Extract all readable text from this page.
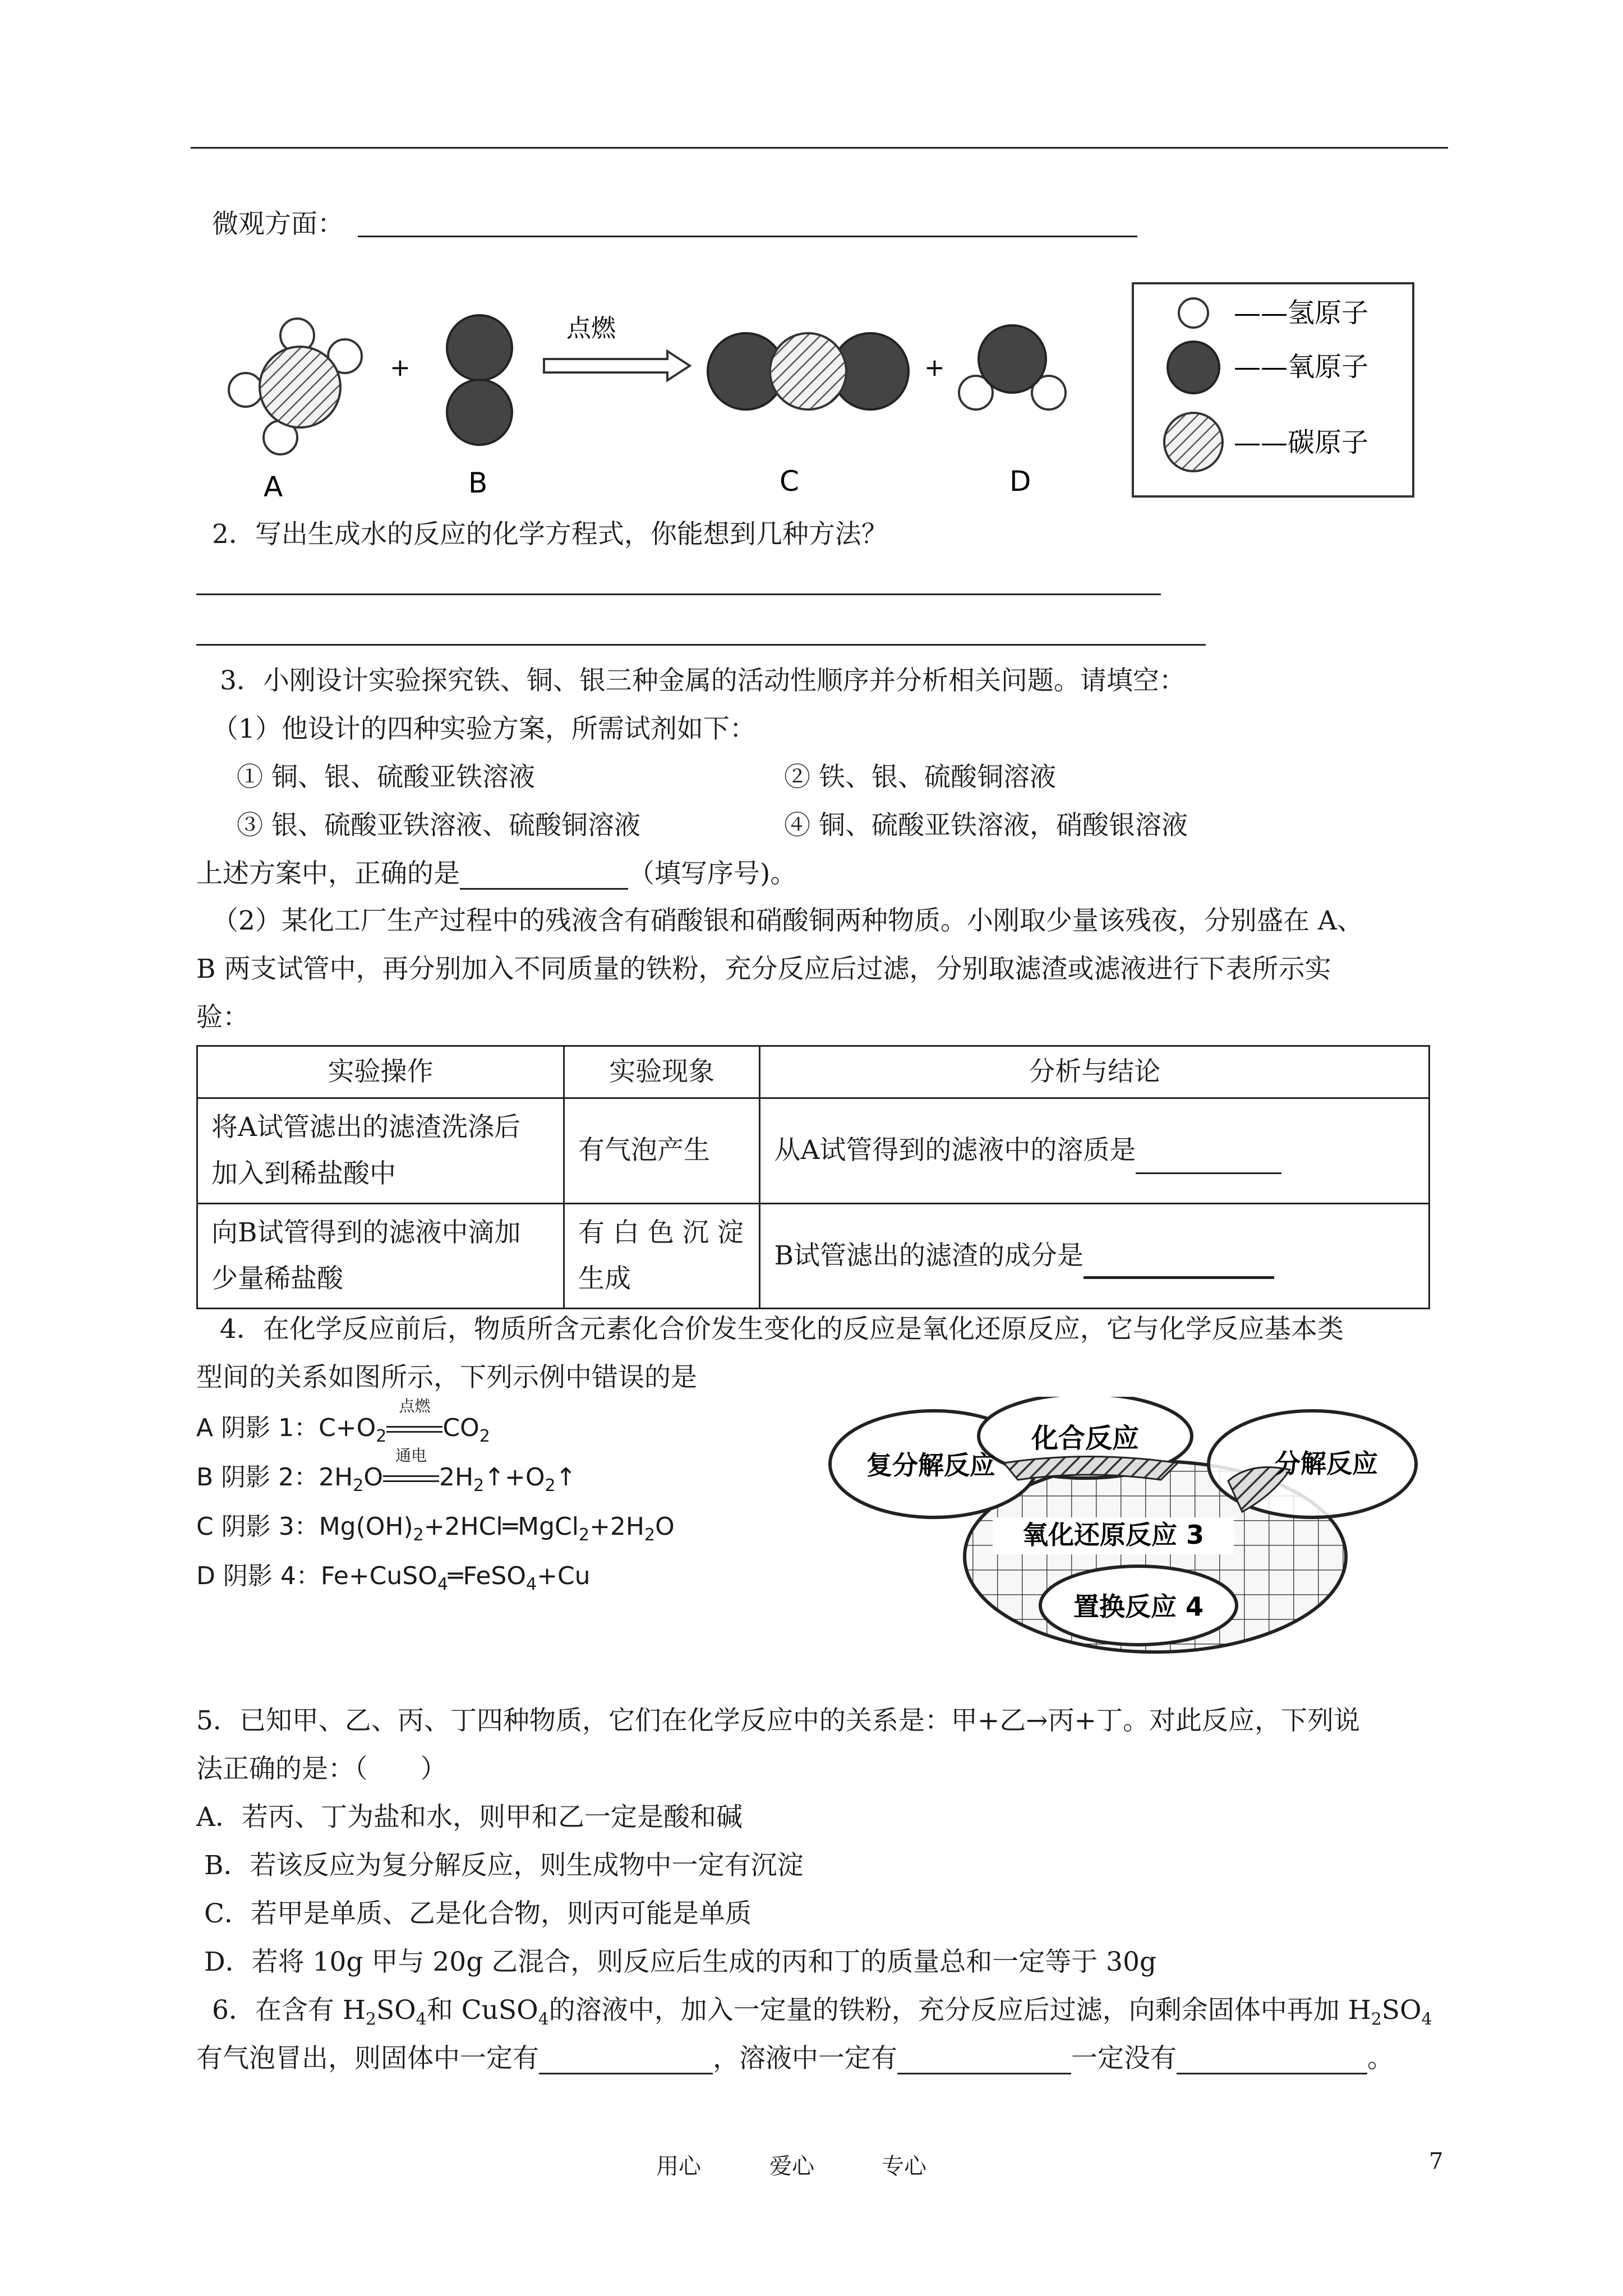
微观方面：
+
点燃
+
A	B	C	D
——氢原子
——氧原子
——碳原子
2．写出生成水的反应的化学方程式，你能想到几种方法？
3．小刚设计实验探究铁、铜、银三种金属的活动性顺序并分析相关问题。请填空：
（1）他设计的四种实验方案，所需试剂如下：
① 铜、银、硫酸亚铁溶液	② 铁、银、硫酸铜溶液
③ 银、硫酸亚铁溶液、硫酸铜溶液	④ 铜、硫酸亚铁溶液，硝酸银溶液
上述方案中，正确的是	（填写序号)。
（2）某化工厂生产过程中的残液含有硝酸银和硝酸铜两种物质。小刚取少量该残夜，分别盛在 A、
B 两支试管中，再分别加入不同质量的铁粉，充分反应后过滤，分别取滤渣或滤液进行下表所示实
验：
实验操作	实验现象	分析与结论
将A试管滤出的滤渣洗涤后
加入到稀盐酸中	有气泡产生	从A试管得到的滤液中的溶质是
向B试管得到的滤液中滴加
少量稀盐酸	有 白 色 沉 淀
生成	B试管滤出的滤渣的成分是
4．在化学反应前后，物质所含元素化合价发生变化的反应是氧化还原反应，它与化学反应基本类
型间的关系如图所示，下列示例中错误的是
A 阴影 1：$C+O_2$
点燃
$CO_2$
B 阴影 2：$2H_2O$
通电
$2H_2↑+O_2↑$
C 阴影 3：$Mg(OH)_2+2HCl═MgCl_2+2H_2O$
D 阴影 4：Fe+CuSO$_4$═FeSO$_4$+Cu
化合反应
复分解反应	分解反应
氧化还原反应 3
置换反应 4
5．已知甲、乙、丙、丁四种物质，它们在化学反应中的关系是：甲+乙→丙+丁。对此反应，下列说
法正确的是：（　　）
A．若丙、丁为盐和水，则甲和乙一定是酸和碱
B．若该反应为复分解反应，则生成物中一定有沉淀
C．若甲是单质、乙是化合物，则丙可能是单质
D．若将 10g 甲与 20g 乙混合，则反应后生成的丙和丁的质量总和一定等于 30g
6．在含有 $H_2SO_4$和 CuSO$_4$的溶液中，加入一定量的铁粉，充分反应后过滤，向剩余固体中再加 $H_2SO_4$
有气泡冒出，则固体中一定有	，溶液中一定有	一定没有	。
用心	爱心	专心	7
